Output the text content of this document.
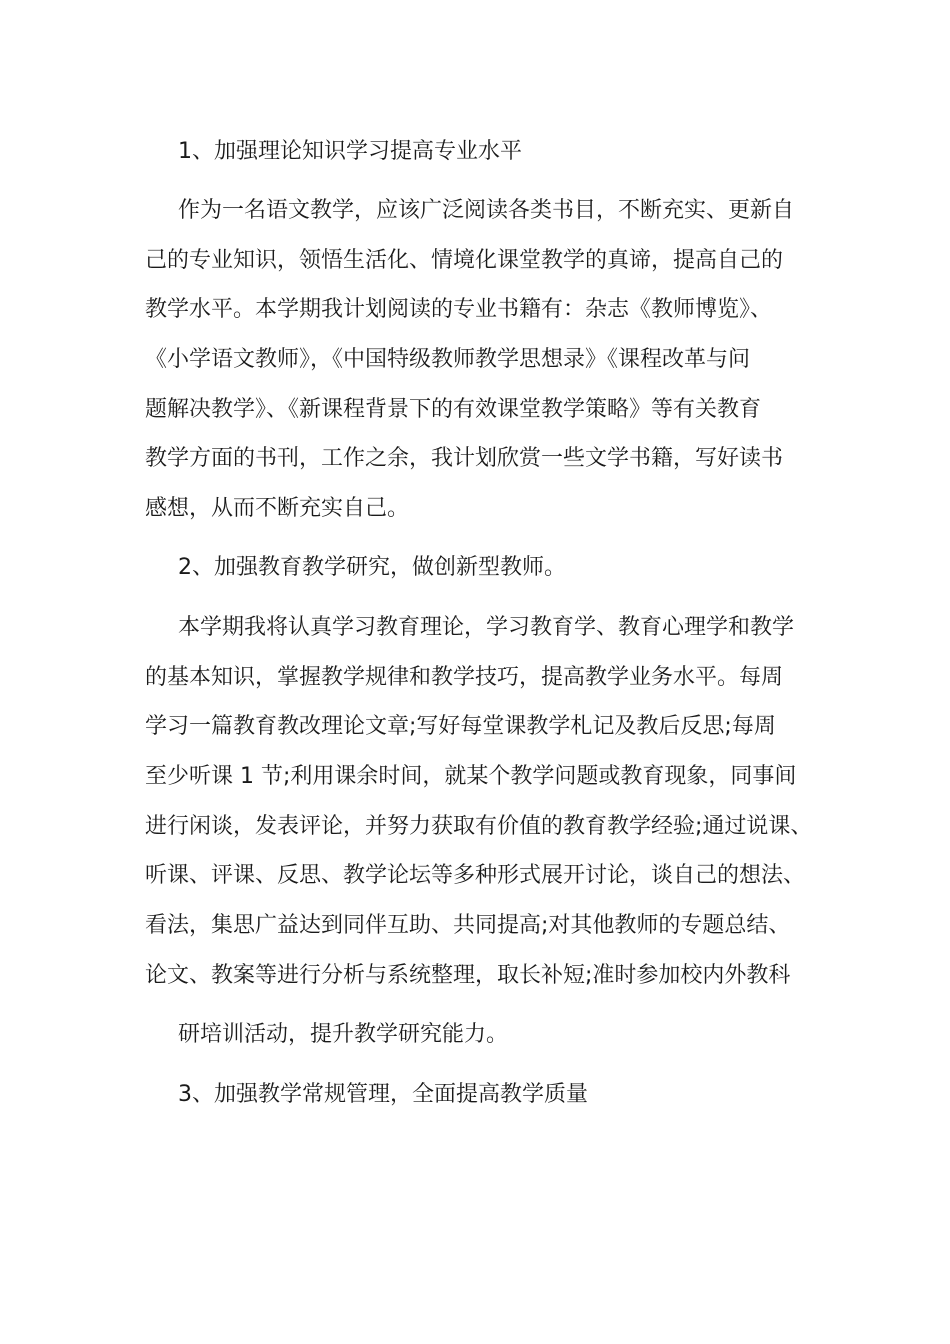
1、加强理论知识学习提高专业水平

作为一名语文教学，应该广泛阅读各类书目，不断充实、更新自
己的专业知识，领悟生活化、情境化课堂教学的真谛，提高自己的
教学水平。本学期我计划阅读的专业书籍有：杂志《教师博览》、
《小学语文教师》，《中国特级教师教学思想录》《课程改革与问
题解决教学》、《新课程背景下的有效课堂教学策略》等有关教育
教学方面的书刊，工作之余，我计划欣赏一些文学书籍，写好读书
感想，从而不断充实自己。

2、加强教育教学研究，做创新型教师。

本学期我将认真学习教育理论，学习教育学、教育心理学和教学
的基本知识，掌握教学规律和教学技巧，提高教学业务水平。每周
学习一篇教育教改理论文章;写好每堂课教学札记及教后反思;每周
至少听课 1 节;利用课余时间，就某个教学问题或教育现象，同事间
进行闲谈，发表评论，并努力获取有价值的教育教学经验;通过说课、
听课、评课、反思、教学论坛等多种形式展开讨论，谈自己的想法、
看法，集思广益达到同伴互助、共同提高;对其他教师的专题总结、
论文、教案等进行分析与系统整理，取长补短;准时参加校内外教科

研培训活动，提升教学研究能力。

3、加强教学常规管理，全面提高教学质量
